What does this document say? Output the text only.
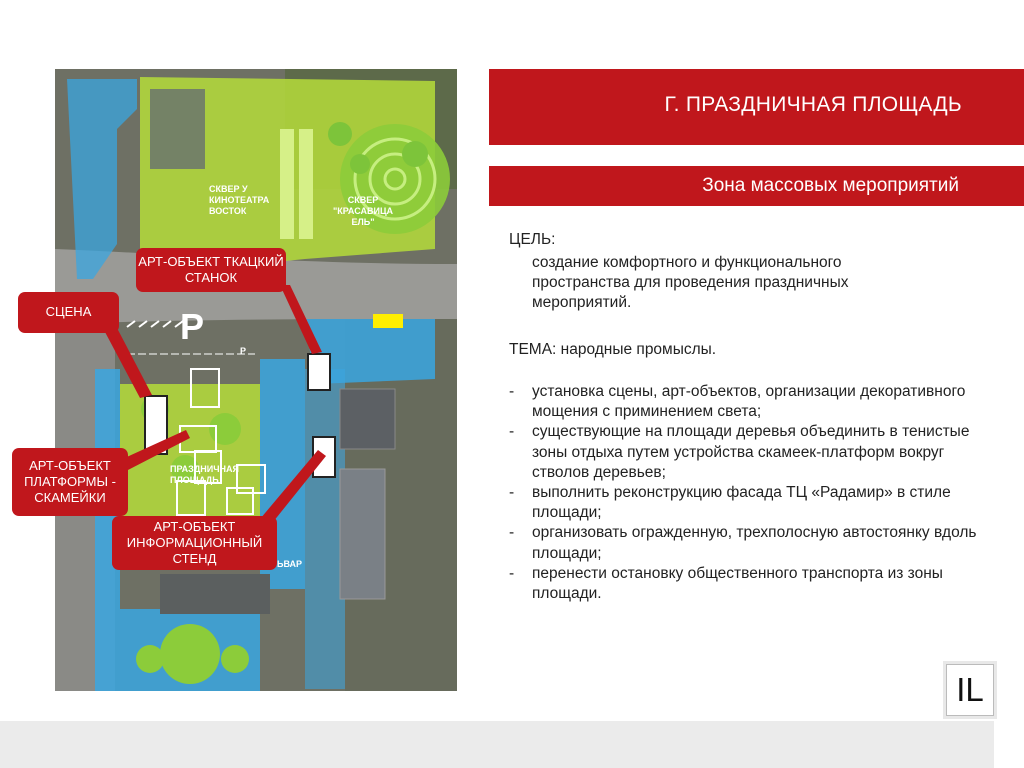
СКВЕР У КИНОТЕАТРА ВОСТОК
СКВЕР "КРАСАВИЦА ЕЛЬ"
ПРАЗДНИЧНАЯ ПЛОЩАДЬ
P
ЬВАР
P
АРТ-ОБЪЕКТ ТКАЦКИЙ СТАНОК
СЦЕНА
АРТ-ОБЪЕКТ ПЛАТФОРМЫ - СКАМЕЙКИ
АРТ-ОБЪЕКТ ИНФОРМАЦИОННЫЙ СТЕНД
Г. ПРАЗДНИЧНАЯ ПЛОЩАДЬ
Зона массовых мероприятий
ЦЕЛЬ:
создание комфортного и функционального пространства для проведения праздничных мероприятий.
ТЕМА: народные промыслы.
- установка сцены, арт-объектов, организации декоративного мощения с приминением света;
- существующие на площади деревья объединить в тенистые зоны отдыха путем устройства скамеек-платформ вокруг стволов деревьев;
- выполнить реконструкцию фасада ТЦ «Радамир» в стиле площади;
- организовать огражденную, трехполосную автостоянку вдоль площади;
- перенести остановку общественного транспорта из зоны площади.
IL
